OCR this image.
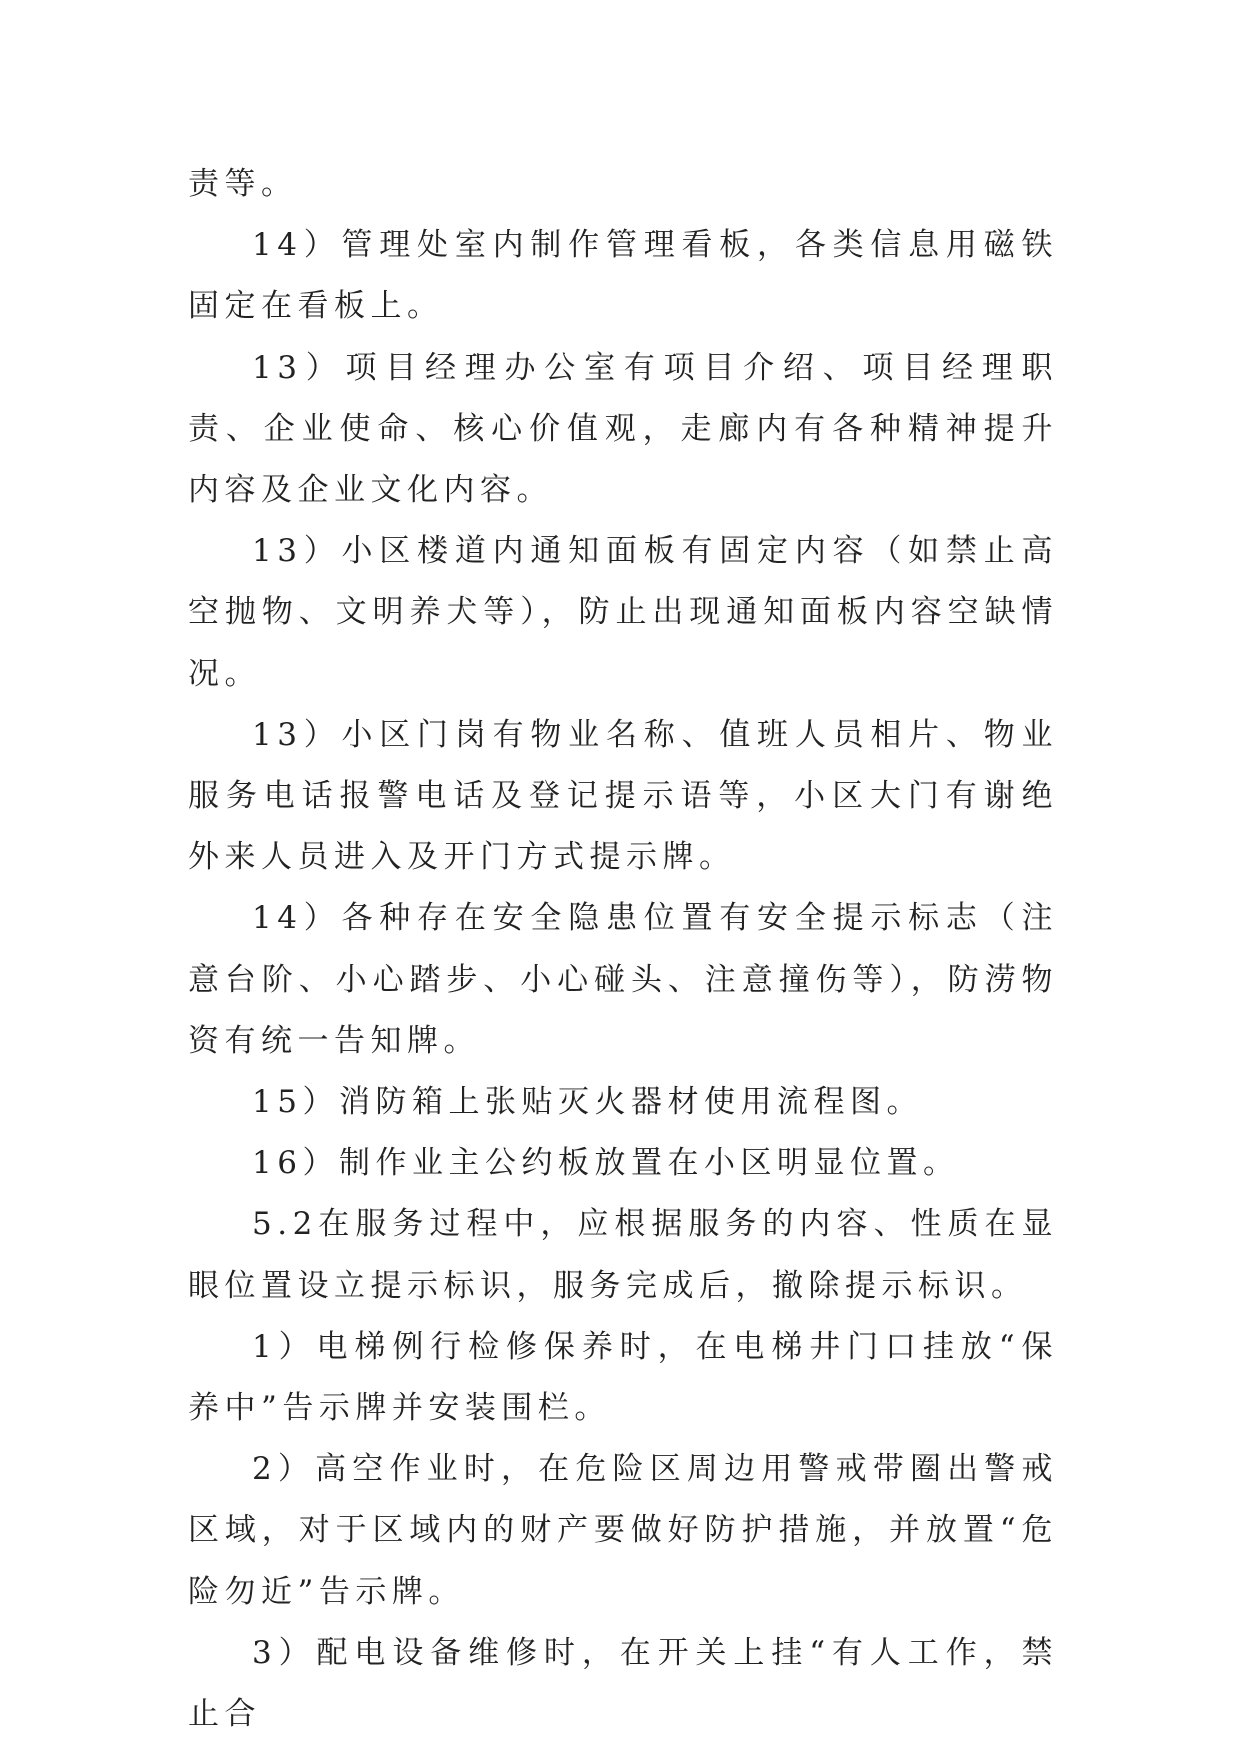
责等。

14）管理处室内制作管理看板，各类信息用磁铁固定在看板上。

13）项目经理办公室有项目介绍、项目经理职责、企业使命、核心价值观，走廊内有各种精神提升内容及企业文化内容。

13）小区楼道内通知面板有固定内容（如禁止高空抛物、文明养犬等），防止出现通知面板内容空缺情况。

13）小区门岗有物业名称、值班人员相片、物业服务电话报警电话及登记提示语等，小区大门有谢绝外来人员进入及开门方式提示牌。

14）各种存在安全隐患位置有安全提示标志（注意台阶、小心踏步、小心碰头、注意撞伤等），防涝物资有统一告知牌。

15）消防箱上张贴灭火器材使用流程图。

16）制作业主公约板放置在小区明显位置。

5.2在服务过程中，应根据服务的内容、性质在显眼位置设立提示标识，服务完成后，撤除提示标识。

1）电梯例行检修保养时，在电梯井门口挂放“保养中”告示牌并安装围栏。

2）高空作业时，在危险区周边用警戒带圈出警戒区域，对于区域内的财产要做好防护措施，并放置“危险勿近”告示牌。

3）配电设备维修时，在开关上挂“有人工作，禁止合
